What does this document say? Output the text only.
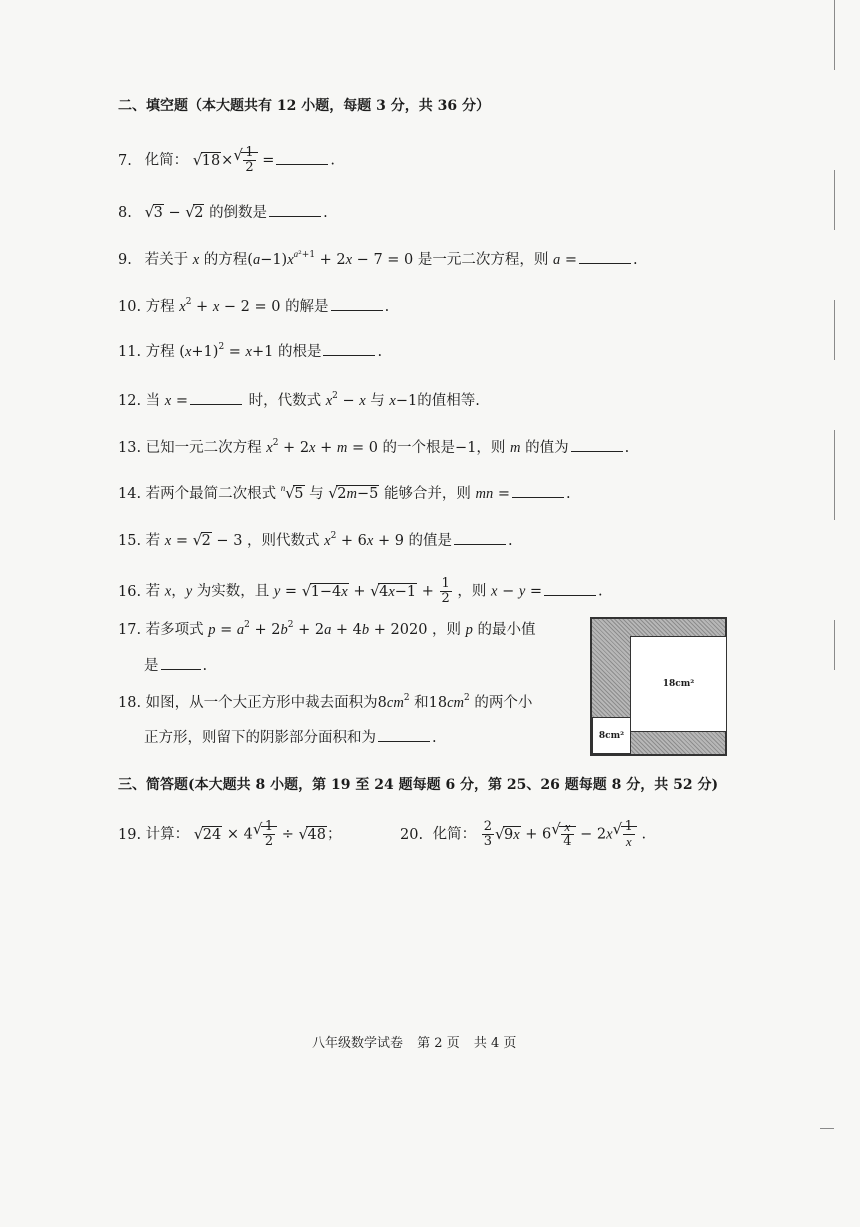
二、填空题（本大题共有 12 小题，每题 3 分，共 36 分）
7. 化简： √ 18× √ $\frac{1}{2}$ =	.
8. √ 3 − √ 2 的倒数是	.
9. 若关于 x 的方程$(a-1)x^{a^2+1} + 2x - 7 = 0$ 是一元二次方程，则 a =	.
10. 方程 $x^2 + x - 2 = 0$ 的解是	.
11. 方程 $(x+1)^2 = x+1$ 的根是	.
12. 当 x =	时，代数式 $x^2 - x$ 与 x−1的值相等.
13. 已知一元二次方程 $x^2 + 2x + m = 0$ 的一个根是−1，则 m 的值为	.
14. 若两个最简二次根式 $^n$ √ 5 与 √ 2m−5 能够合并，则 mn =	.
15. 若 x = √ 2 − 3 ，则代数式 $x^2 + 6x + 9$ 的值是	.
16. 若 x，y 为实数，且 y = √ 1−4x + √ $4x-1 + \frac{1}{2}$ ，则 x − y =	.
17. 若多项式 $p = a^2 + 2b^2 + 2a + 4b + 2020$ ，则 p 的最小值
是	.
18. 如图，从一个大正方形中裁去面积为$8cm^2$ 和$18cm^2$ 的两个小
正方形，则留下的阴影部分面积和为	.
18cm²
8cm²
三、简答题(本大题共 8 小题，第 19 至 24 题每题 6 分，第 25、26 题每题 8 分，共 52 分)
19. 计算： √ 24 × 4 √ $\frac{1}{2}$ ÷ √ 48；	20. 化简： $\frac{2}{3}$ √ 9x + 6 √ $\frac{x}{4} - 2x$ √ $\frac{1}{x}$ .
八年级数学试卷 第 2 页 共 4 页
